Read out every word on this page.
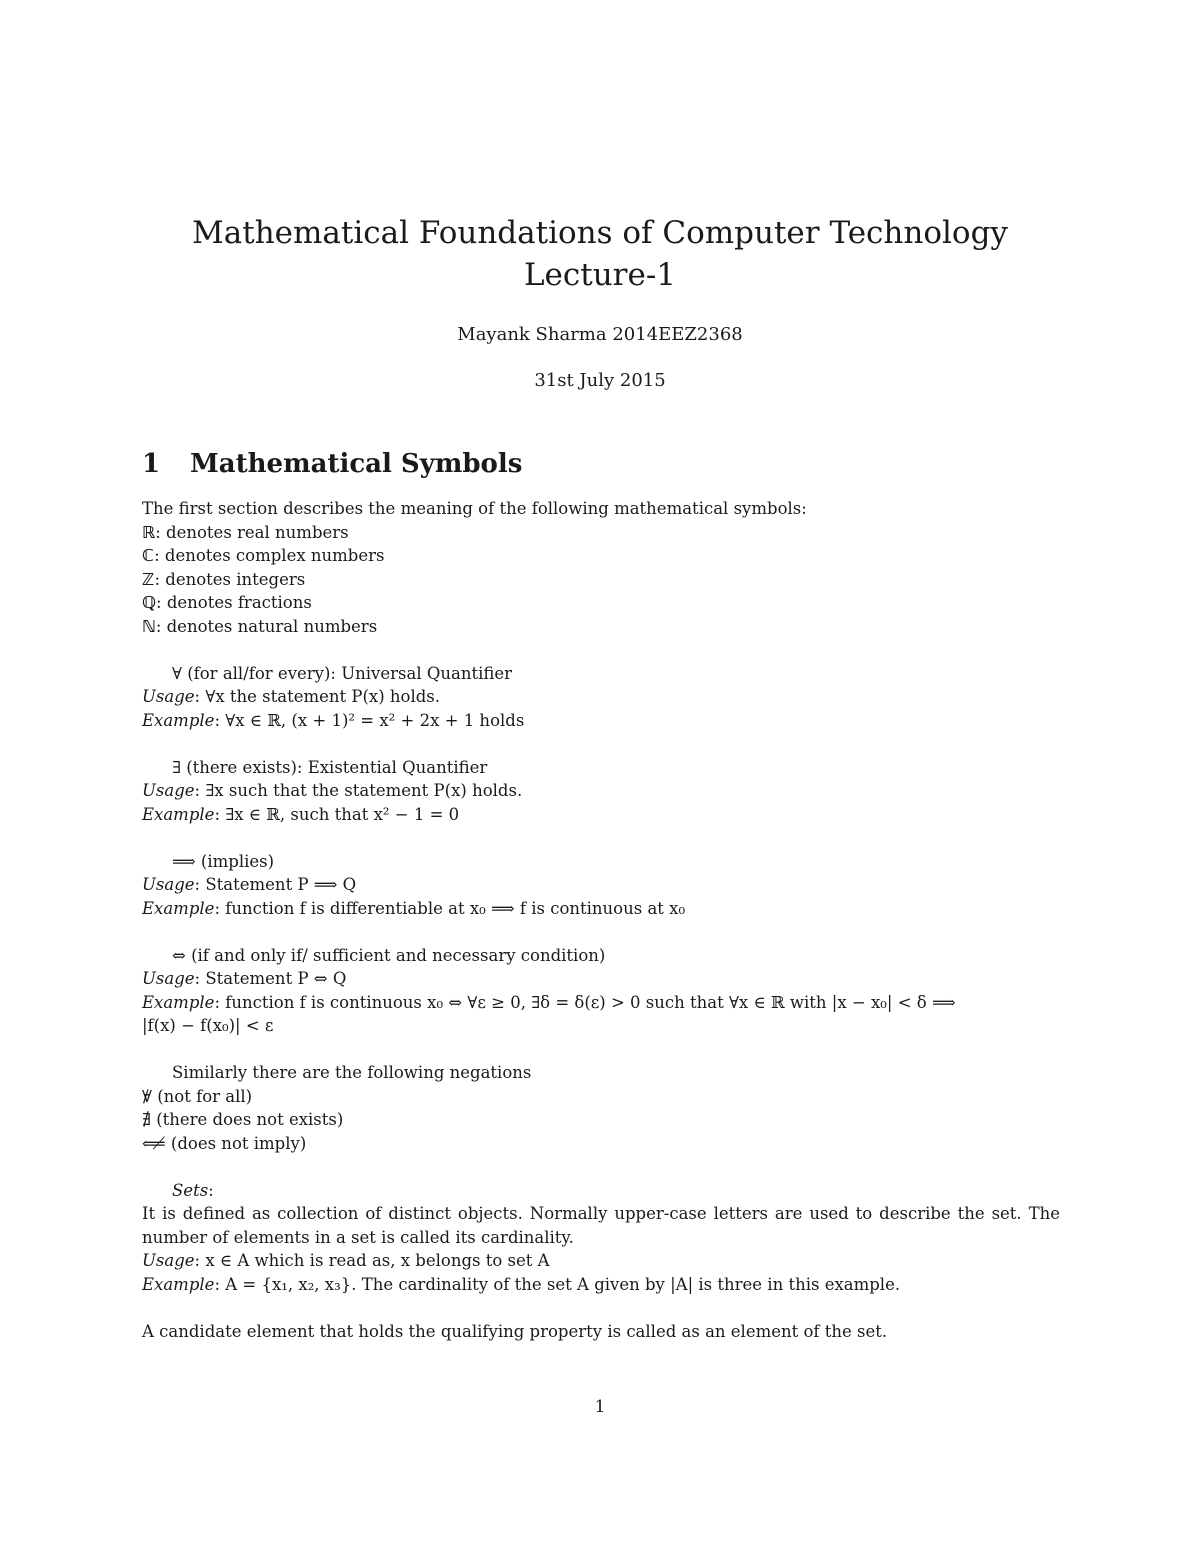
Mathematical Foundations of Computer Technology
Lecture-1
Mayank Sharma 2014EEZ2368
31st July 2015
1 Mathematical Symbols
The first section describes the meaning of the following mathematical symbols:
ℝ: denotes real numbers
ℂ: denotes complex numbers
ℤ: denotes integers
ℚ: denotes fractions
ℕ: denotes natural numbers
∀ (for all/for every): Universal Quantifier
Usage: ∀x the statement P(x) holds.
Example: ∀x ∈ ℝ, (x + 1)² = x² + 2x + 1 holds
∃ (there exists): Existential Quantifier
Usage: ∃x such that the statement P(x) holds.
Example: ∃x ∈ ℝ, such that x² − 1 = 0
⟹ (implies)
Usage: Statement P ⟹ Q
Example: function f is differentiable at x₀ ⟹ f is continuous at x₀
⇔ (if and only if/ sufficient and necessary condition)
Usage: Statement P ⇔ Q
Example: function f is continuous x₀ ⇔ ∀ε ≥ 0, ∃δ = δ(ε) > 0 such that ∀x ∈ ℝ with |x − x₀| < δ ⟹
|f(x) − f(x₀)| < ε
Similarly there are the following negations
∀ / (not for all)
∄ (there does not exists)
⟸̸ (does not imply)
Sets:
It is defined as collection of distinct objects. Normally upper-case letters are used to describe the set. The number of elements in a set is called its cardinality.
Usage: x ∈ A which is read as, x belongs to set A
Example: A = {x₁, x₂, x₃}. The cardinality of the set A given by |A| is three in this example.
A candidate element that holds the qualifying property is called as an element of the set.
1
